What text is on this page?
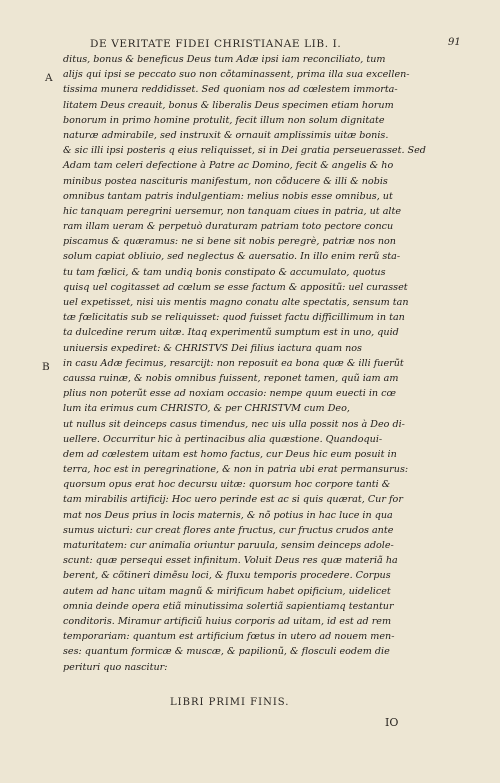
DE VERITATE FIDEI CHRISTIANAE LIB. I.	91
A
B
ditus, bonus & beneficus Deus tum Adæ ipsi iam reconciliato, tum
alijs qui ipsi se peccato suo non cõtaminassent, prima illa sua excellen-
tissima munera reddidisset. Sed quoniam nos ad cœlestem immorta-
litatem Deus creauit, bonus & liberalis Deus specimen etiam horum
bonorum in primo homine protulit, fecit illum non solum dignitate
naturæ admirabile, sed instruxit & ornauit amplissimis uitæ bonis.
& sic illi ipsi posteris q eius reliquisset, si in Dei gratia perseuerasset. Sed
Adam tam celeri defectione à Patre ac Domino, fecit & angelis & ho
minibus postea nascituris manifestum, non cõducere & illi & nobis
omnibus tantam patris indulgentiam: melius nobis esse omnibus, ut
hic tanquam peregrini uersemur, non tanquam ciues in patria, ut alte
ram illam ueram & perpetuò duraturam patriam toto pectore concu
piscamus & quæramus: ne si bene sit nobis peregrè, patriæ nos non
solum capiat obliuio, sed neglectus & auersatio. In illo enim rerũ sta-
tu tam fœlici, & tam undiq bonis constipato & accumulato, quotus
quisq uel cogitasset ad cœlum se esse factum & appositũ: uel curasset
uel expetisset, nisi uis mentis magno conatu alte spectatis, sensum tan
tæ fœlicitatis sub se reliquisset: quod fuisset factu difficillimum in tan
ta dulcedine rerum uitæ. Itaq experimentũ sumptum est in uno, quid
uniuersis expediret: & CHRISTVS Dei filius iactura quam nos
in casu Adæ fecimus, resarcijt: non reposuit ea bona quæ & illi fuerũt
caussa ruinæ, & nobis omnibus fuissent, reponet tamen, quũ iam am
plius non poterũt esse ad noxiam occasio: nempe quum euecti in cœ
lum ita erimus cum CHRISTO, & per CHRISTVM cum Deo,
ut nullus sit deinceps casus timendus, nec uis ulla possit nos à Deo di-
uellere. Occurritur hic à pertinacibus alia quæstione. Quandoqui-
dem ad cœlestem uitam est homo factus, cur Deus hic eum posuit in
terra, hoc est in peregrinatione, & non in patria ubi erat permansurus:
quorsum opus erat hoc decursu uitæ: quorsum hoc corpore tanti &
tam mirabilis artificij: Hoc uero perinde est ac si quis quærat, Cur for
mat nos Deus prius in locis maternis, & nõ potius in hac luce in qua
sumus uicturi: cur creat flores ante fructus, cur fructus crudos ante
maturitatem: cur animalia oriuntur paruula, sensim deinceps adole-
scunt: quæ persequi esset infinitum. Voluit Deus res quæ materiã ha
berent, & cõtineri dimẽsu loci, & fluxu temporis procedere. Corpus
autem ad hanc uitam magnũ & mirificum habet opificium, uidelicet
omnia deinde opera etiã minutissima solertiã sapientiamq testantur
conditoris. Miramur artificiũ huius corporis ad uitam, id est ad rem
temporariam: quantum est artificium fœtus in utero ad nouem men-
ses: quantum formicæ & muscæ, & papilionũ, & flosculi eodem die
perituri quo nascitur:
LIBRI PRIMI FINIS.
IO
